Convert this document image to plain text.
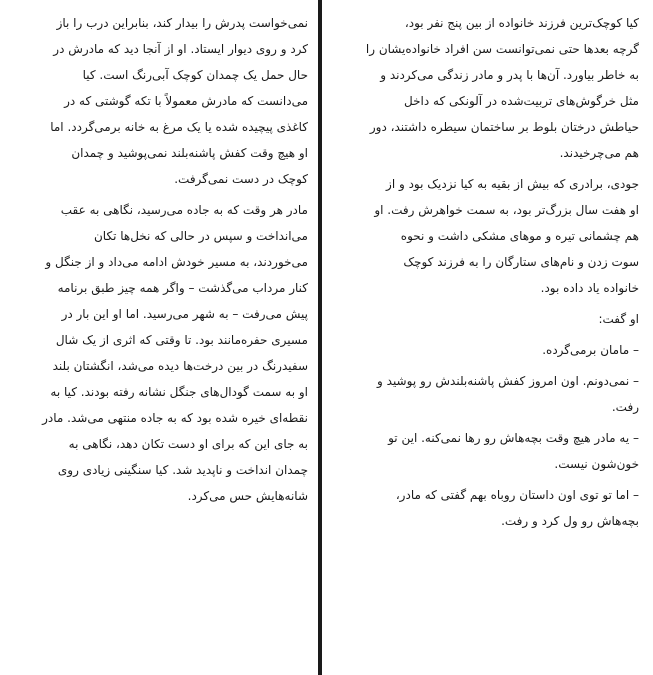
کیا کوچک‌ترین فرزند خانواده از بین پنج نفر بود،
گرچه بعدها حتی نمی‌توانست سن افراد خانواده‌یشان را
به خاطر بیاورد. آن‌ها با پدر و مادر زندگی می‌کردند و
مثل خرگوش‌های تربیت‌شده در آلونکی که داخل
حیاطش درختان بلوط بر ساختمان سیطره داشتند، دور
هم می‌چرخیدند.

جودی، برادری که بیش از بقیه به کیا نزدیک بود و از
او هفت سال بزرگ‌تر بود، به سمت خواهرش رفت. او
هم چشمانی تیره و موهای مشکی داشت و نحوه
سوت زدن و نام‌های ستارگان را به فرزند کوچک
خانواده یاد داده بود.

او گفت:

– مامان برمی‌گرده.

– نمی‌دونم. اون امروز کفش پاشنه‌بلندش رو پوشید و
رفت.

– یه مادر هیچ وقت بچه‌هاش رو رها نمی‌کنه. این تو
خون‌شون نیست.

– اما تو توی اون داستان روباه بهم گفتی که مادر،
بچه‌هاش رو ول کرد و رفت.

نمی‌خواست پدرش را بیدار کند، بنابراین درب را باز
کرد و روی دیوار ایستاد. او از آنجا دید که مادرش در
حال حمل یک چمدان کوچک آبی‌رنگ است. کیا
می‌دانست که مادرش معمولاً با تکه گوشتی که در
کاغذی پیچیده شده یا یک مرغ به خانه برمی‌گردد. اما
او هیچ وقت کفش پاشنه‌بلند نمی‌پوشید و چمدان
کوچک در دست نمی‌گرفت.

مادر هر وقت که به جاده می‌رسید، نگاهی به عقب
می‌انداخت و سپس در حالی که نخل‌ها تکان
می‌خوردند، به مسیر خودش ادامه می‌داد و از جنگل و
کنار مرداب می‌گذشت – واگر همه چیز طبق برنامه
پیش می‌رفت – به شهر می‌رسید. اما او این بار در
مسیری حفره‌مانند بود. تا وقتی که اثری از یک شال
سفیدرنگ در بین درخت‌ها دیده می‌شد، انگشتان بلند
او به سمت گودال‌های جنگل نشانه رفته بودند. کیا به
نقطه‌ای خیره شده بود که به جاده منتهی می‌شد. مادر
به جای این که برای او دست تکان دهد، نگاهی به
چمدان انداخت و ناپدید شد. کیا سنگینی زیادی روی
شانه‌هایش حس می‌کرد.
